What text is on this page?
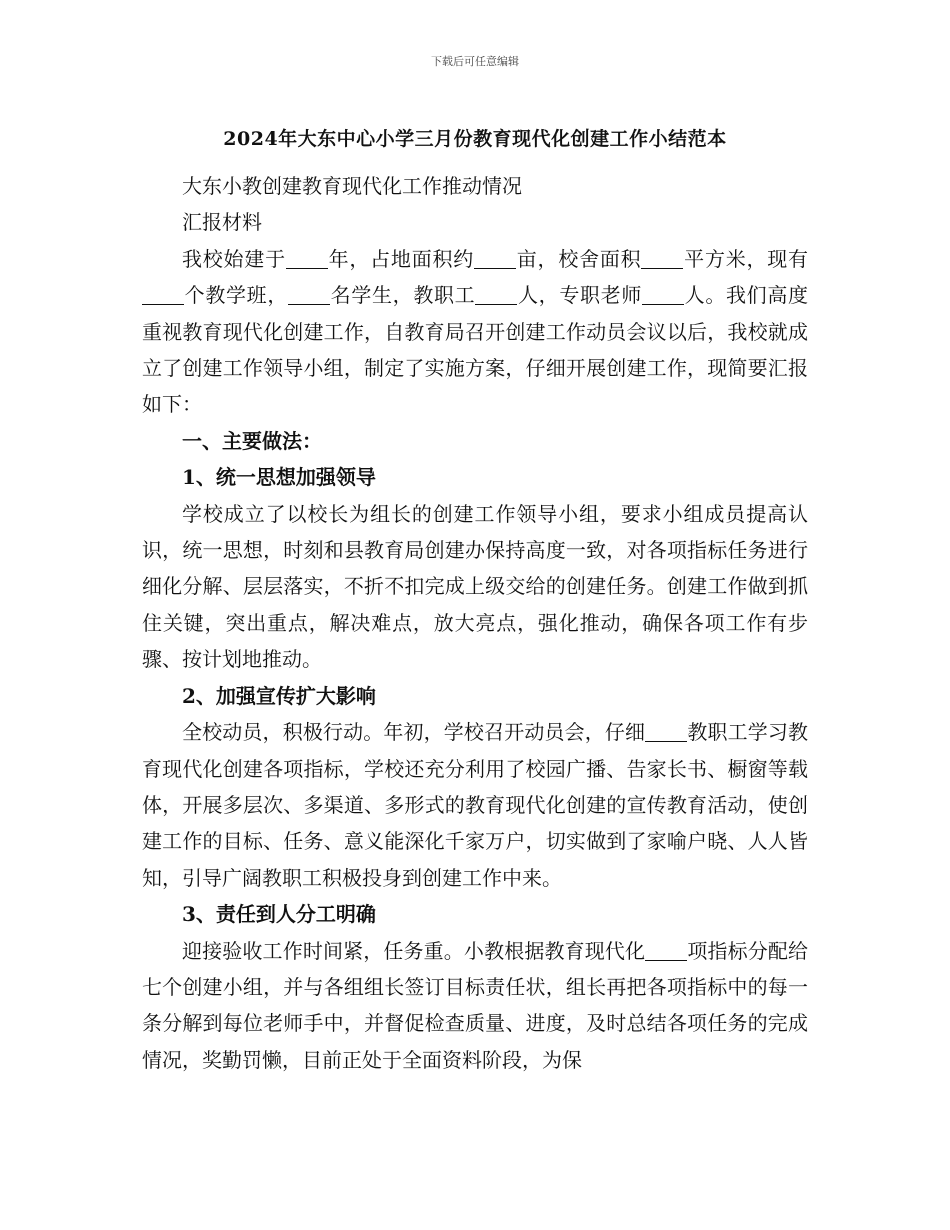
下载后可任意编辑
2024年大东中心小学三月份教育现代化创建工作小结范本

大东小教创建教育现代化工作推动情况

汇报材料

我校始建于 年，占地面积约 亩，校舍面积 平方米，现有个教学班， 名学生，教职工 人，专职老师 人。我们高度重视教育现代化创建工作，自教育局召开创建工作动员会议以后，我校就成立了创建工作领导小组，制定了实施方案，仔细开展创建工作，现简要汇报如下：

一、主要做法：

1、统一思想加强领导

学校成立了以校长为组长的创建工作领导小组，要求小组成员提高认识，统一思想，时刻和县教育局创建办保持高度一致，对各项指标任务进行细化分解、层层落实，不折不扣完成上级交给的创建任务。创建工作做到抓住关键，突出重点，解决难点，放大亮点，强化推动，确保各项工作有步骤、按计划地推动。

2、加强宣传扩大影响

全校动员，积极行动。年初，学校召开动员会，仔细 教职工学习教育现代化创建各项指标，学校还充分利用了校园广播、告家长书、橱窗等载体，开展多层次、多渠道、多形式的教育现代化创建的宣传教育活动，使创建工作的目标、任务、意义能深化千家万户，切实做到了家喻户晓、人人皆知，引导广阔教职工积极投身到创建工作中来。

3、责任到人分工明确

迎接验收工作时间紧，任务重。小教根据教育现代化 项指标分配给七个创建小组，并与各组组长签订目标责任状，组长再把各项指标中的每一条分解到每位老师手中，并督促检查质量、进度，及时总结各项任务的完成情况，奖勤罚懒，目前正处于全面资料阶段，为保
